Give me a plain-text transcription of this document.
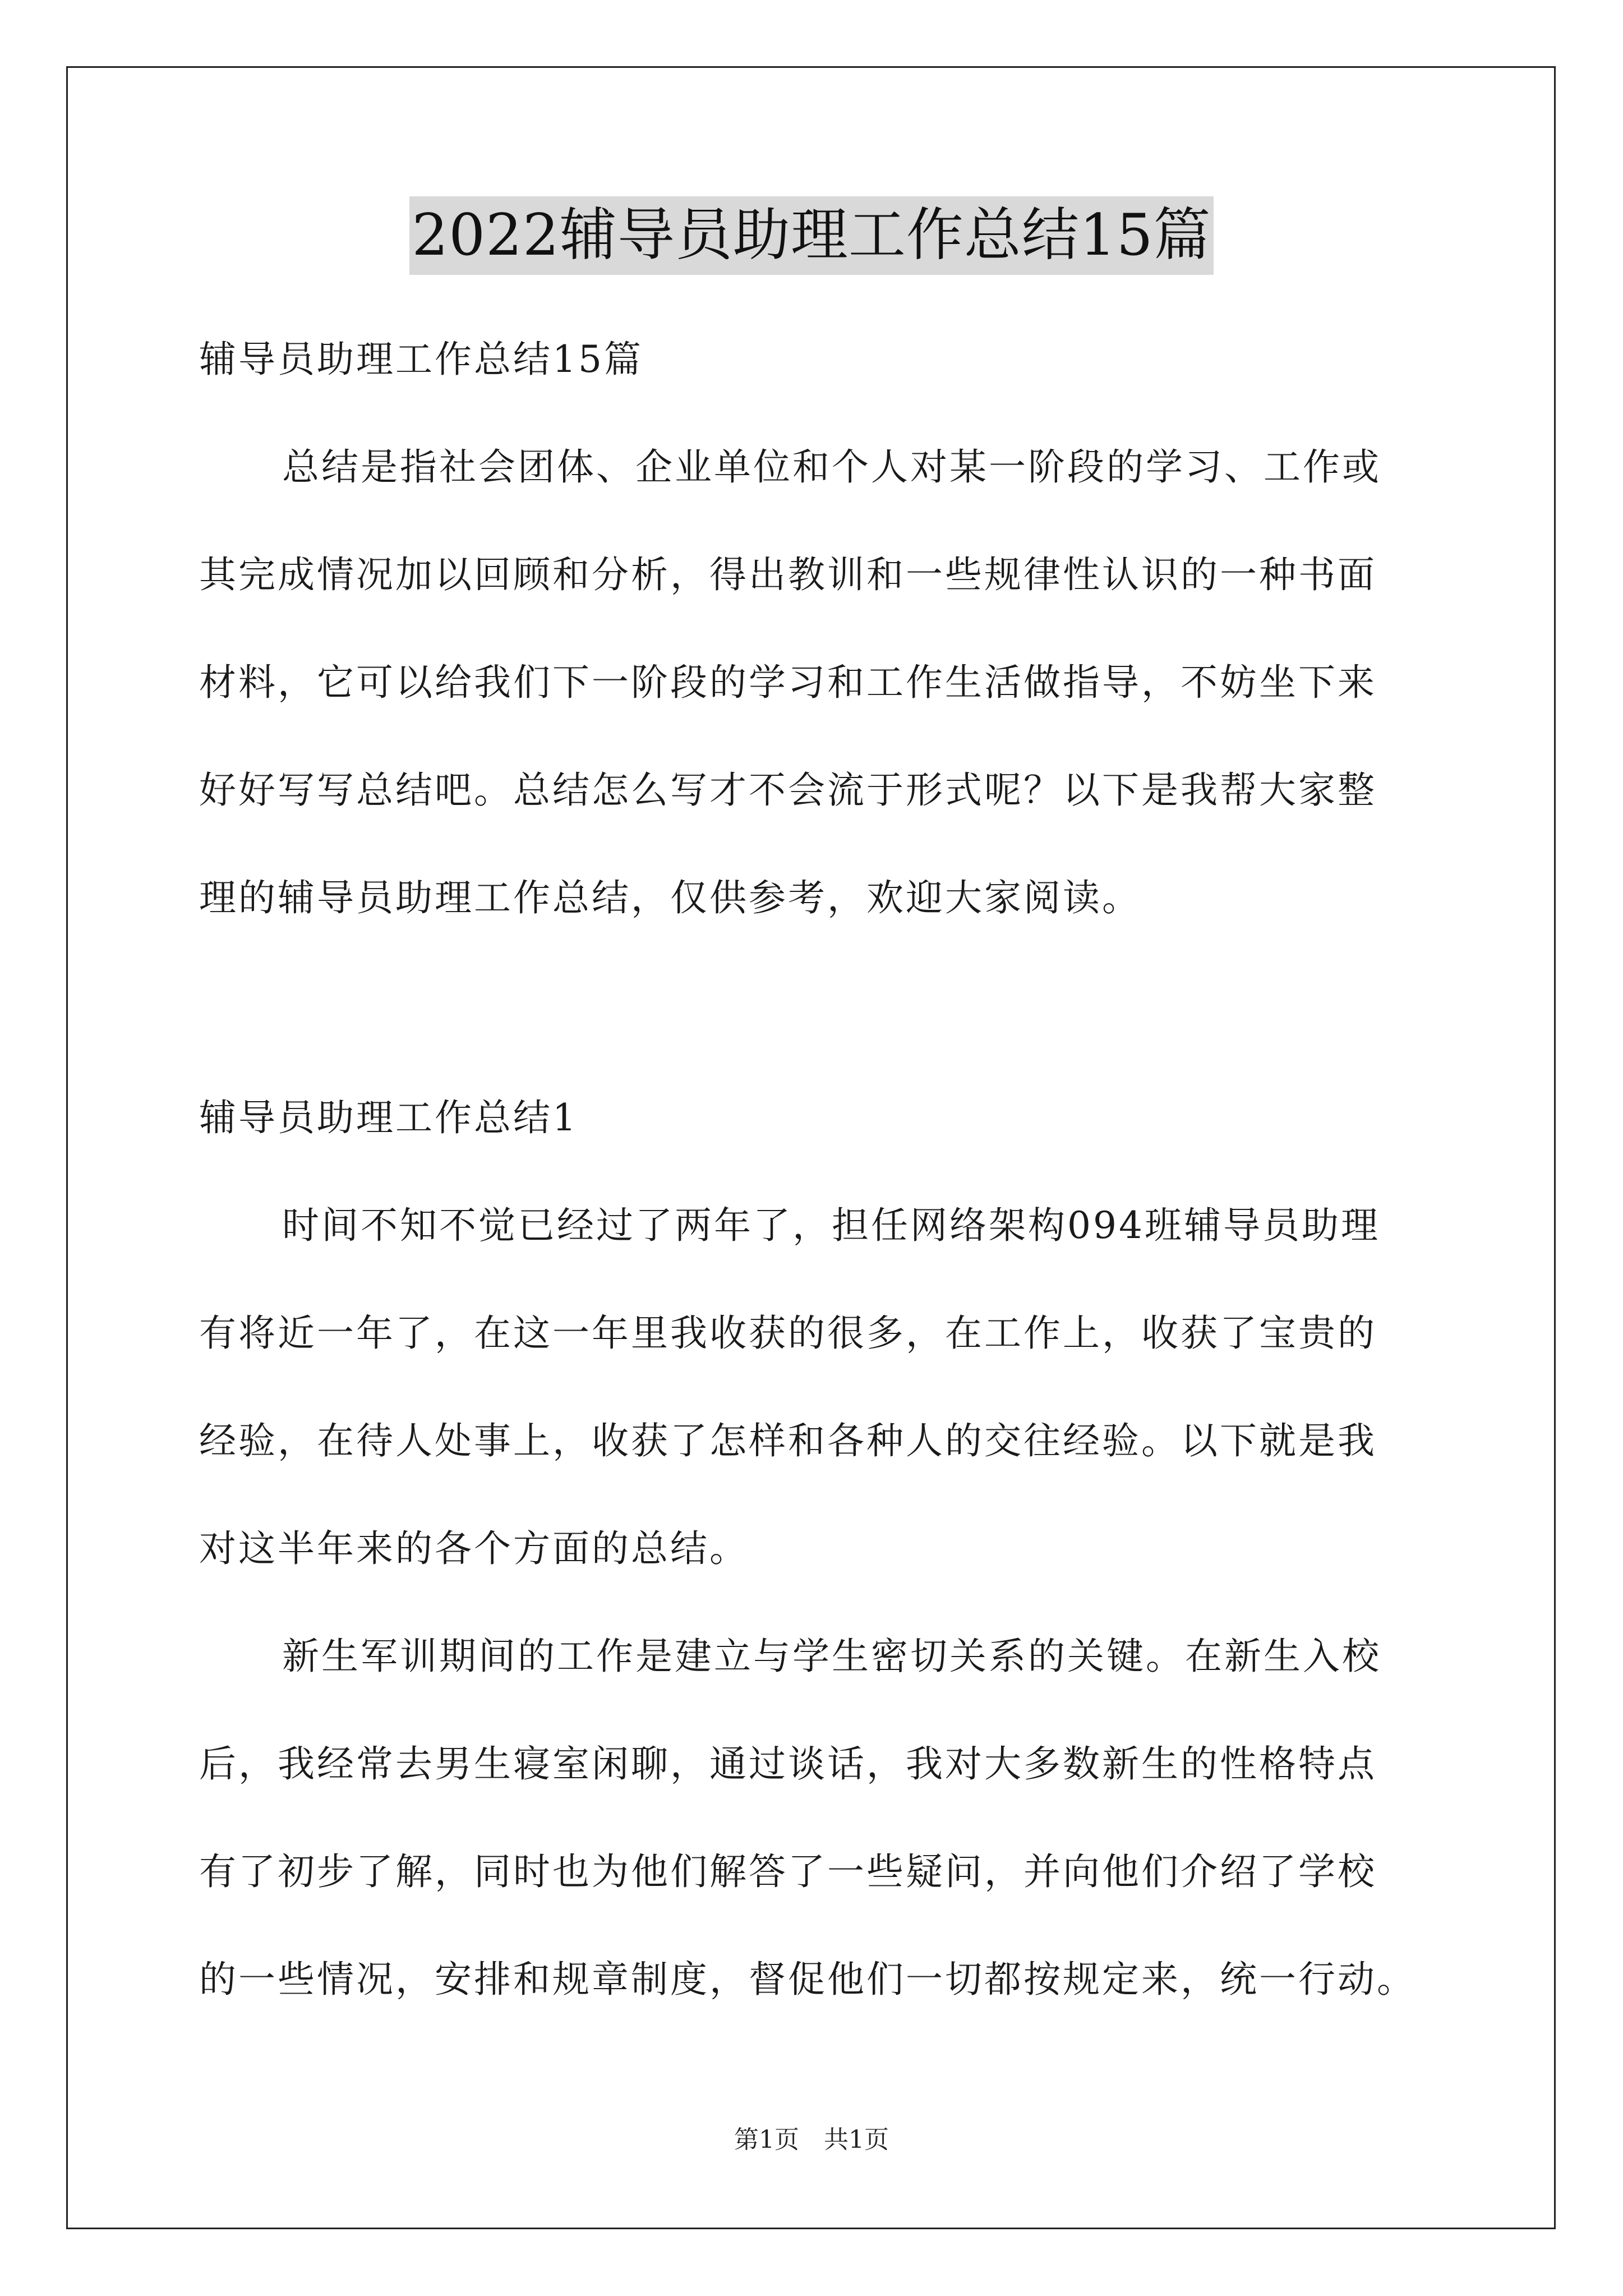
2022辅导员助理工作总结15篇
辅导员助理工作总结15篇
总结是指社会团体、企业单位和个人对某一阶段的学习、工作或
其完成情况加以回顾和分析，得出教训和一些规律性认识的一种书面
材料，它可以给我们下一阶段的学习和工作生活做指导，不妨坐下来
好好写写总结吧。总结怎么写才不会流于形式呢？以下是我帮大家整
理的辅导员助理工作总结，仅供参考，欢迎大家阅读。
辅导员助理工作总结1
时间不知不觉已经过了两年了，担任网络架构094班辅导员助理
有将近一年了，在这一年里我收获的很多，在工作上，收获了宝贵的
经验，在待人处事上，收获了怎样和各种人的交往经验。以下就是我
对这半年来的各个方面的总结。
新生军训期间的工作是建立与学生密切关系的关键。在新生入校
后，我经常去男生寝室闲聊，通过谈话，我对大多数新生的性格特点
有了初步了解，同时也为他们解答了一些疑问，并向他们介绍了学校
的一些情况，安排和规章制度，督促他们一切都按规定来，统一行动。
第1页　共1页
